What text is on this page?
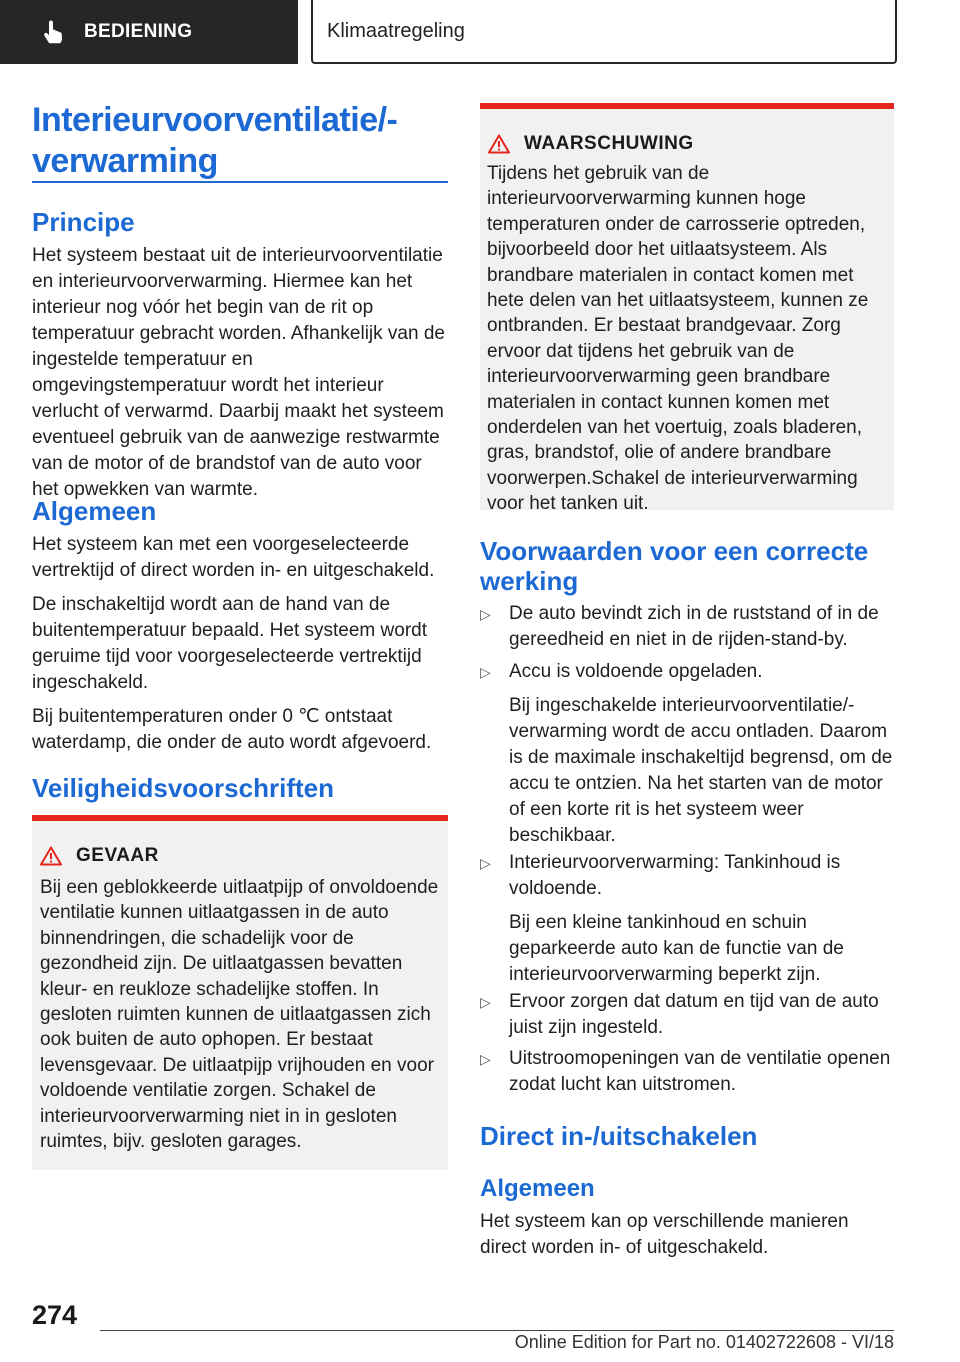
BEDIENING	Klimaatregeling
Interieurvoorventilatie/-
verwarming
Principe

Het systeem bestaat uit de interieurvoorventilatie en interieurvoorverwarming. Hiermee kan het interieur nog vóór het begin van de rit op temperatuur gebracht worden. Afhankelijk van de ingestelde temperatuur en omgevingstemperatuur wordt het interieur verlucht of verwarmd. Daarbij maakt het systeem eventueel gebruik van de aanwezige restwarmte van de motor of de brandstof van de auto voor het opwekken van warmte.

Algemeen

Het systeem kan met een voorgeselecteerde vertrektijd of direct worden in- en uitgeschakeld.

De inschakeltijd wordt aan de hand van de buitentemperatuur bepaald. Het systeem wordt geruime tijd voor voorgeselecteerde vertrektijd ingeschakeld.

Bij buitentemperaturen onder 0 ℃ ontstaat waterdamp, die onder de auto wordt afgevoerd.

Veiligheidsvoorschriften
GEVAAR

Bij een geblokkeerde uitlaatpijp of onvoldoende ventilatie kunnen uitlaatgassen in de auto binnendringen, die schadelijk voor de gezondheid zijn. De uitlaatgassen bevatten kleur- en reukloze schadelijke stoffen. In gesloten ruimten kunnen de uitlaatgassen zich ook buiten de auto ophopen. Er bestaat levensgevaar. De uitlaatpijp vrijhouden en voor voldoende ventilatie zorgen. Schakel de interieurvoorverwarming niet in in gesloten ruimtes, bijv. gesloten garages.

WAARSCHUWING

Tijdens het gebruik van de interieurvoorverwarming kunnen hoge temperaturen onder de carrosserie optreden, bijvoorbeeld door het uitlaatsysteem. Als brandbare materialen in contact komen met hete delen van het uitlaatsysteem, kunnen ze ontbranden. Er bestaat brandgevaar. Zorg ervoor dat tijdens het gebruik van de interieurvoorverwarming geen brandbare materialen in contact kunnen komen met onderdelen van het voertuig, zoals bladeren, gras, brandstof, olie of andere brandbare voorwerpen.Schakel de interieurverwarming voor het tanken uit.

Voorwaarden voor een correcte werking
▷ De auto bevindt zich in de ruststand of in de gereedheid en niet in de rijden-stand-by.

▷ Accu is voldoende opgeladen.

Bij ingeschakelde interieurvoorventilatie/-verwarming wordt de accu ontladen. Daarom is de maximale inschakeltijd begrensd, om de accu te ontzien. Na het starten van de motor of een korte rit is het systeem weer beschikbaar.

▷ Interieurvoorverwarming: Tankinhoud is voldoende.

Bij een kleine tankinhoud en schuin geparkeerde auto kan de functie van de interieurvoorverwarming beperkt zijn.

▷ Ervoor zorgen dat datum en tijd van de auto juist zijn ingesteld.

▷ Uitstroomopeningen van de ventilatie openen zodat lucht kan uitstromen.

Direct in-/uitschakelen
Algemeen

Het systeem kan op verschillende manieren direct worden in- of uitgeschakeld.

274
Online Edition for Part no. 01402722608 - VI/18
